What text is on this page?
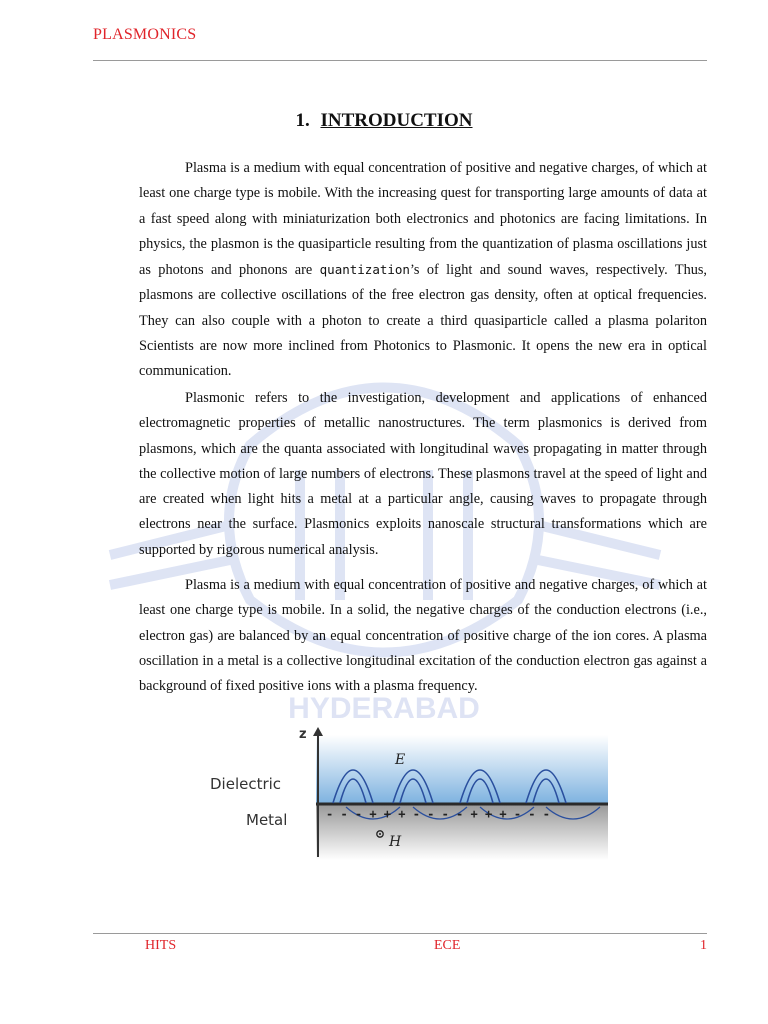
HYDERABAD
PLASMONICS
1. INTRODUCTION

Plasma is a medium with equal concentration of positive and negative charges, of which at least one charge type is mobile. With the increasing quest for transporting large amounts of data at a fast speed along with miniaturization both electronics and photonics are facing limitations. In physics, the plasmon is the quasiparticle resulting from the quantization of plasma oscillations just as photons and phonons are quantization’s of light and sound waves, respectively. Thus, plasmons are collective oscillations of the free electron gas density, often at optical frequencies. They can also couple with a photon to create a third quasiparticle called a plasma polariton Scientists are now more inclined from Photonics to Plasmonic. It opens the new era in optical communication.

Plasmonic refers to the investigation, development and applications of enhanced electromagnetic properties of metallic nanostructures. The term plasmonics is derived from plasmons, which are the quanta associated with longitudinal waves propagating in matter through the collective motion of large numbers of electrons. These plasmons travel at the speed of light and are created when light hits a metal at a particular angle, causing waves to propagate through electrons near the surface. Plasmonics exploits nanoscale structural transformations which are supported by rigorous numerical analysis.

Plasma is a medium with equal concentration of positive and negative charges, of which at least one charge type is mobile. In a solid, the negative charges of the conduction electrons (i.e., electron gas) are balanced by an equal concentration of positive charge of the ion cores. A plasma oscillation in a metal is a collective longitudinal excitation of the conduction electron gas against a background of fixed positive ions with a plasma frequency.

z
Dielectric
Metal
E
- - - + + + - - - - + + + - - -
H
HITS	ECE	1
